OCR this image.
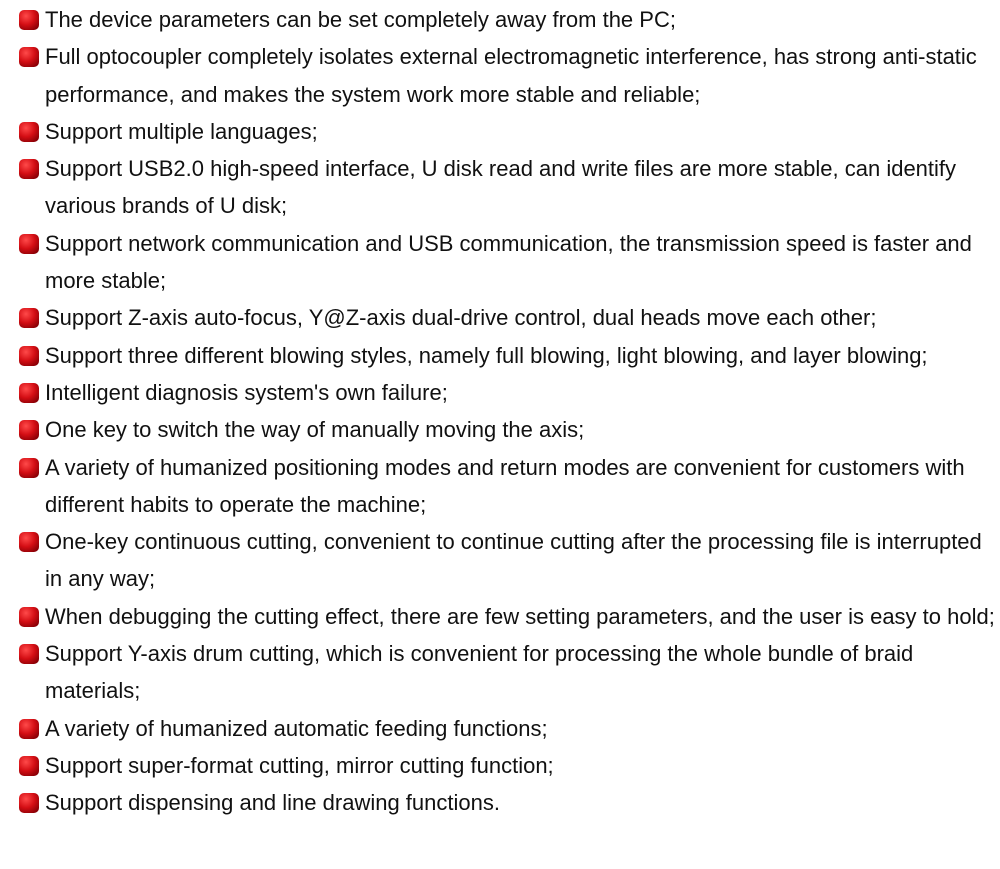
The device parameters can be set completely away from the PC;
Full optocoupler completely isolates external electromagnetic interference, has strong anti-static performance, and makes the system work more stable and reliable;
Support multiple languages;
Support USB2.0 high-speed interface, U disk read and write files are more stable, can identify various brands of U disk;
Support network communication and USB communication, the transmission speed is faster and more stable;
Support Z-axis auto-focus, Y@Z-axis dual-drive control, dual heads move each other;
Support three different blowing styles, namely full blowing, light blowing, and layer blowing;
Intelligent diagnosis system's own failure;
One key to switch the way of manually moving the axis;
A variety of humanized positioning modes and return modes are convenient for customers with different habits to operate the machine;
One-key continuous cutting, convenient to continue cutting after the processing file is interrupted in any way;
When debugging the cutting effect, there are few setting parameters, and the user is easy to hold;
Support Y-axis drum cutting, which is convenient for processing the whole bundle of braid materials;
A variety of humanized automatic feeding functions;
Support super-format cutting, mirror cutting function;
Support dispensing and line drawing functions.
